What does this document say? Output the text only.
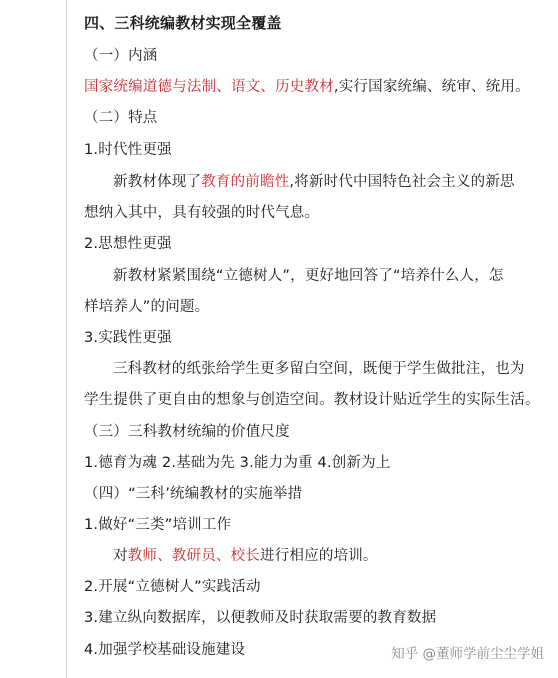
四、三科统编教材实现全覆盖
（一）内涵
国家统编道德与法制、语文、历史教材,实行国家统编、统审、统用。
（二）特点
1.时代性更强
新教材体现了教育的前瞻性,将新时代中国特色社会主义的新思
想纳入其中，具有较强的时代气息。
2.思想性更强
新教材紧紧围绕“立德树人”，更好地回答了“培养什么人，怎
样培养人”的问题。
3.实践性更强
三科教材的纸张给学生更多留白空间，既便于学生做批注，也为
学生提供了更自由的想象与创造空间。教材设计贴近学生的实际生活。
（三）三科教材统编的价值尺度
1.德育为魂 2.基础为先 3.能力为重 4.创新为上
（四）“三科’统编教材的实施举措
1.做好“三类”培训工作
对教师、教研员、校长进行相应的培训。
2.开展“立德树人”实践活动
3.建立纵向数据库，以便教师及时获取需要的教育数据
4.加强学校基础设施建设	知乎 @董师学前尘尘学姐
